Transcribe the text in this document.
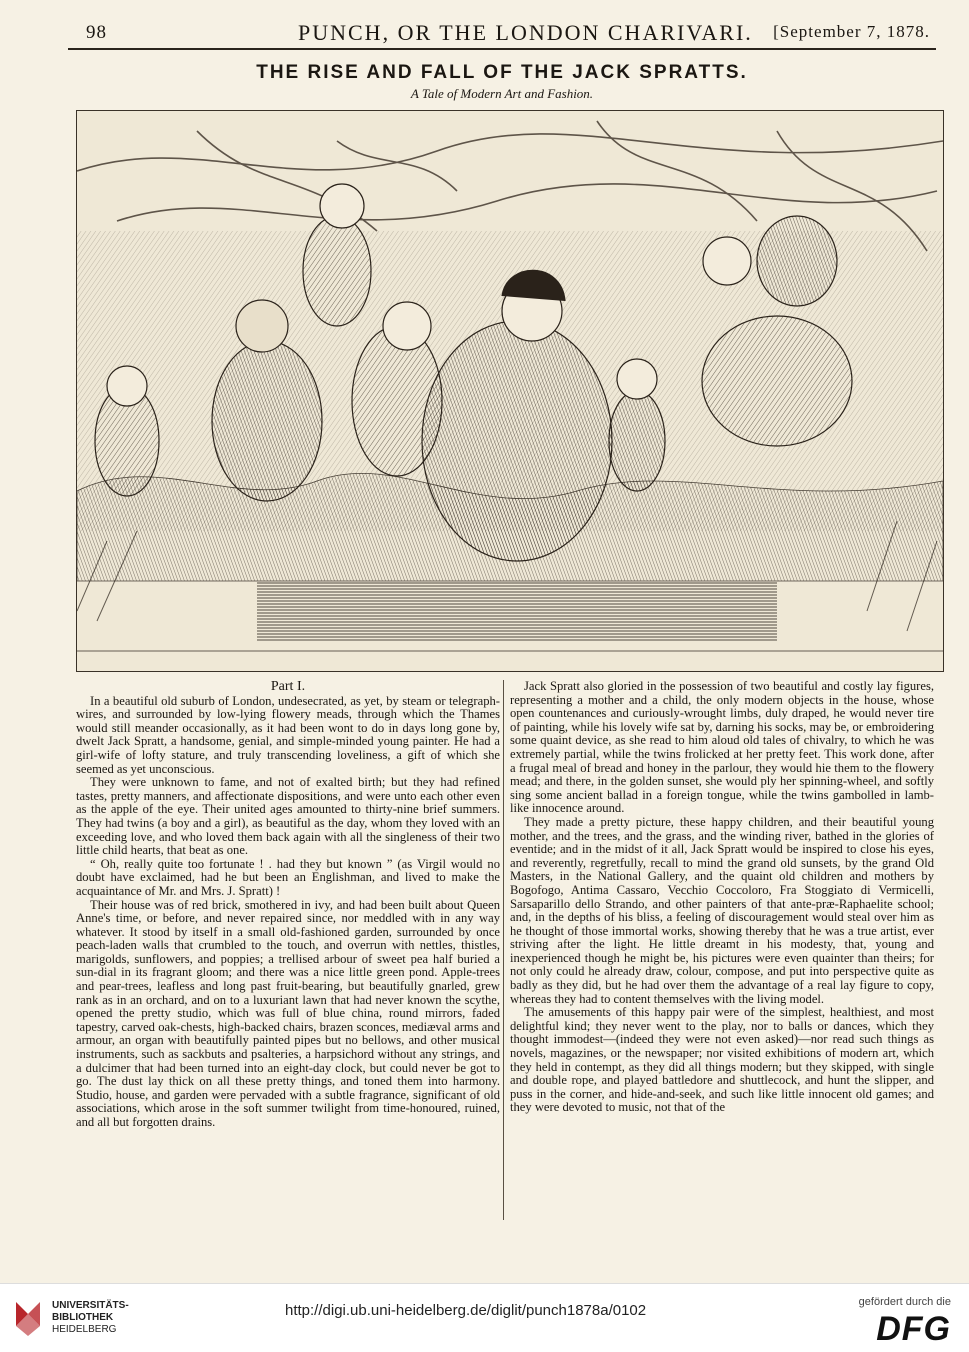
98	PUNCH, OR THE LONDON CHARIVARI. [September 7, 1878.
THE RISE AND FALL OF THE JACK SPRATTS.
A Tale of Modern Art and Fashion.

Part I.

In a beautiful old suburb of London, undesecrated, as yet, by steam or telegraph-wires, and surrounded by low-lying flowery meads, through which the Thames would still meander occasionally, as it had been wont to do in days long gone by, dwelt Jack Spratt, a handsome, genial, and simple-minded young painter. He had a girl-wife of lofty stature, and truly transcending loveliness, a gift of which she seemed as yet unconscious.

They were unknown to fame, and not of exalted birth; but they had refined tastes, pretty manners, and affectionate dispositions, and were unto each other even as the apple of the eye. Their united ages amounted to thirty-nine brief summers. They had twins (a boy and a girl), as beautiful as the day, whom they loved with an exceeding love, and who loved them back again with all the singleness of their two little child hearts, that beat as one.

“ Oh, really quite too fortunate ! . had they but known ” (as Virgil would no doubt have exclaimed, had he but been an Englishman, and lived to make the acquaintance of Mr. and Mrs. J. Spratt) !

Their house was of red brick, smothered in ivy, and had been built about Queen Anne's time, or before, and never repaired since, nor meddled with in any way whatever. It stood by itself in a small old-fashioned garden, surrounded by once peach-laden walls that crumbled to the touch, and overrun with nettles, thistles, marigolds, sunflowers, and poppies; a trellised arbour of sweet pea half buried a sun-dial in its fragrant gloom; and there was a nice little green pond. Apple-trees and pear-trees, leafless and long past fruit-bearing, but beautifully gnarled, grew rank as in an orchard, and on to a luxuriant lawn that had never known the scythe, opened the pretty studio, which was full of blue china, round mirrors, faded tapestry, carved oak-chests, high-backed chairs, brazen sconces, mediæval arms and armour, an organ with beautifully painted pipes but no bellows, and other musical instruments, such as sackbuts and psalteries, a harpsichord without any strings, and a dulcimer that had been turned into an eight-day clock, but could never be got to go. The dust lay thick on all these pretty things, and toned them into harmony. Studio, house, and garden were pervaded with a subtle fragrance, significant of old associations, which arose in the soft summer twilight from time-honoured, ruined, and all but forgotten drains.

Jack Spratt also gloried in the possession of two beautiful and costly lay figures, representing a mother and a child, the only modern objects in the house, whose open countenances and curiously-wrought limbs, duly draped, he would never tire of painting, while his lovely wife sat by, darning his socks, may be, or embroidering some quaint device, as she read to him aloud old tales of chivalry, to which he was extremely partial, while the twins frolicked at her pretty feet. This work done, after a frugal meal of bread and honey in the parlour, they would hie them to the flowery mead; and there, in the golden sunset, she would ply her spinning-wheel, and softly sing some ancient ballad in a foreign tongue, while the twins gambolled in lamb-like innocence around.

They made a pretty picture, these happy children, and their beautiful young mother, and the trees, and the grass, and the winding river, bathed in the glories of eventide; and in the midst of it all, Jack Spratt would be inspired to close his eyes, and reverently, regretfully, recall to mind the grand old sunsets, by the grand Old Masters, in the National Gallery, and the quaint old children and mothers by Bogofogo, Antima Cassaro, Vecchio Coccoloro, Fra Stoggiato di Vermicelli, Sarsaparillo dello Strando, and other painters of that ante-præ-Raphaelite school; and, in the depths of his bliss, a feeling of discouragement would steal over him as he thought of those immortal works, showing thereby that he was a true artist, ever striving after the light. He little dreamt in his modesty, that, young and inexperienced though he might be, his pictures were even quainter than theirs; for not only could he already draw, colour, compose, and put into perspective quite as badly as they did, but he had over them the advantage of a real lay figure to copy, whereas they had to content themselves with the living model.

The amusements of this happy pair were of the simplest, healthiest, and most delightful kind; they never went to the play, nor to balls or dances, which they thought immodest—(indeed they were not even asked)—nor read such things as novels, magazines, or the newspaper; nor visited exhibitions of modern art, which they held in contempt, as they did all things modern; but they skipped, with single and double rope, and played battledore and shuttlecock, and hunt the slipper, and puss in the corner, and hide-and-seek, and such like little innocent old games; and they were devoted to music, not that of the

UNIVERSITÄTS-
BIBLIOTHEK
HEIDELBERG
http://digi.ub.uni-heidelberg.de/diglit/punch1878a/0102	gefördert durch die
DFG
